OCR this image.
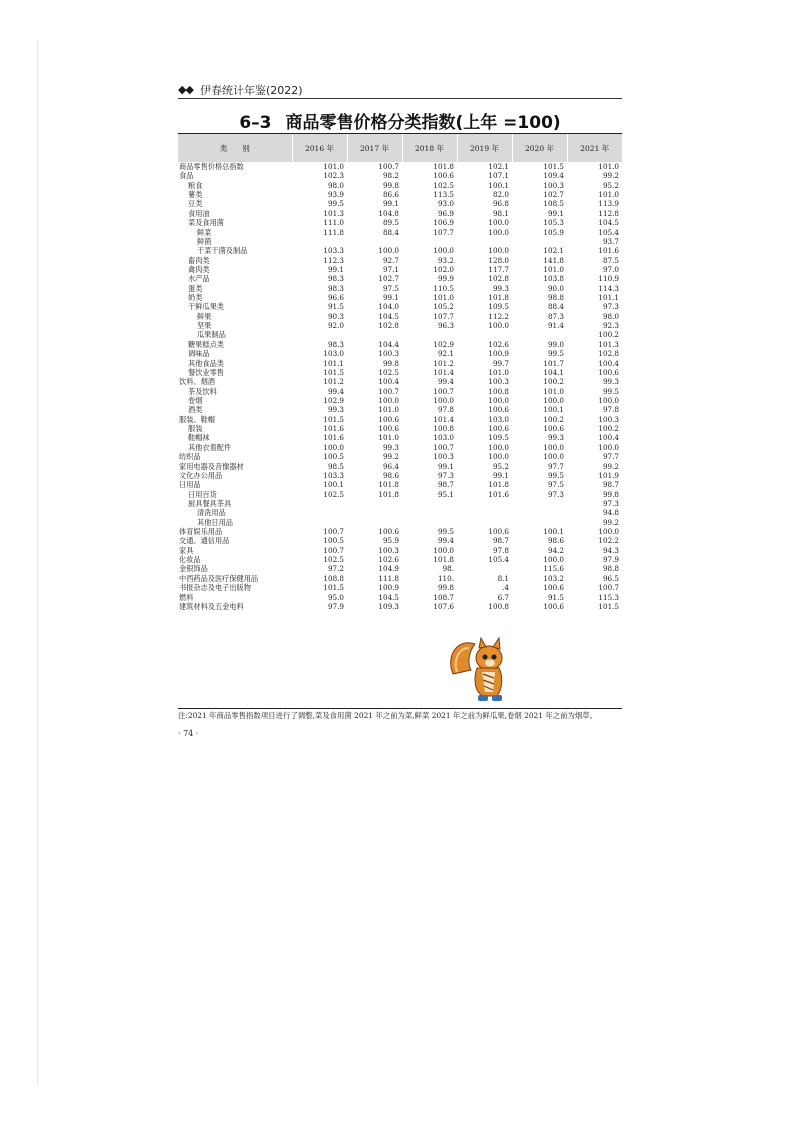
◆◆ 伊春统计年鉴(2022)
6–3 商品零售价格分类指数(上年 =100)
类　　别	2016 年	2017 年	2018 年	2019 年	2020 年	2021 年
商品零售价格总指数	101.0	100.7	101.8	102.1	101.5	101.0
食品	102.3	98.2	100.6	107.1	109.4	99.2
粮食	98.0	99.8	102.5	100.1	100.3	95.2
薯类	93.9	86.6	113.5	82.0	102.7	101.0
豆类	99.5	99.1	93.0	96.8	108.5	113.9
食用油	101.3	104.8	96.9	98.1	99.1	112.8
菜及食用菌	111.0	89.5	106.9	100.0	105.3	104.5
鲜菜	111.8	88.4	107.7	100.0	105.9	105.4
鲜菌						93.7
干菜干菌及制品	103.3	100.0	100.0	100.0	102.1	101.6
畜肉类	112.3	92.7	93.2	128.0	141.8	87.5
禽肉类	99.1	97.1	102.0	117.7	101.0	97.0
水产品	98.3	102.7	99.9	102.8	103.8	110.9
蛋类	98.3	97.5	110.5	99.3	90.0	114.3
奶类	96.6	99.1	101.0	101.8	98.8	101.1
干鲜瓜果类	91.5	104.0	105.2	109.5	88.4	97.3
鲜果	90.3	104.5	107.7	112.2	87.3	98.0
坚果	92.0	102.8	96.3	100.0	91.4	92.3
瓜果制品						100.2
糖果糕点类	98.3	104.4	102.9	102.6	99.0	101.3
调味品	103.0	100.3	92.1	100.9	99.5	102.8
其他食品类	101.1	99.8	101.2	99.7	101.7	100.4
餐饮业零售	101.5	102.5	101.4	101.0	104.1	100.6
饮料、烟酒	101.2	100.4	99.4	100.3	100.2	99.3
茶及饮料	99.4	100.7	100.7	100.8	101.0	99.5
卷烟	102.9	100.0	100.0	100.0	100.0	100.0
酒类	99.3	101.0	97.8	100.6	100.1	97.8
服装、鞋帽	101.5	100.6	101.4	103.0	100.2	100.3
服装	101.6	100.6	100.8	100.6	100.6	100.2
鞋帽袜	101.6	101.0	103.0	109.5	99.3	100.4
其他衣着配件	100.0	99.3	100.7	100.0	100.0	100.0
纺织品	100.5	99.2	100.3	100.0	100.0	97.7
家用电器及音像器材	98.5	96.4	99.1	95.2	97.7	99.2
文化办公用品	103.3	98.6	97.3	99.1	99.5	101.9
日用品	100.1	101.8	98.7	101.8	97.5	98.7
日用百货	102.5	101.8	95.1	101.6	97.3	99.8
厨具餐具茶具						97.3
清洗用品						94.8
其他日用品						99.2
体育娱乐用品	100.7	100.6	99.5	100.6	100.1	100.0
交通、通信用品	100.5	95.9	99.4	98.7	98.6	102.2
家具	100.7	100.3	100.0	97.8	94.2	94.3
化妆品	102.5	102.6	101.8	105.4	100.0	97.9
金银饰品	97.2	104.9	98.		115.6	98.8
中西药品及医疗保健用品	108.8	111.8	110.	8.1	103.2	96.5
书报杂志及电子出版物	101.5	100.9	99.8	.4	100.6	100.7
燃料	95.0	104.5	108.7	6.7	91.5	115.3
建筑材料及五金电料	97.9	109.3	107.6	100.8	100.6	101.5
注:2021 年商品零售指数项目进行了调整,菜及食用菌 2021 年之前为菜,鲜菜 2021 年之前为鲜瓜果,卷烟 2021 年之前为烟草。
· 74 ·
